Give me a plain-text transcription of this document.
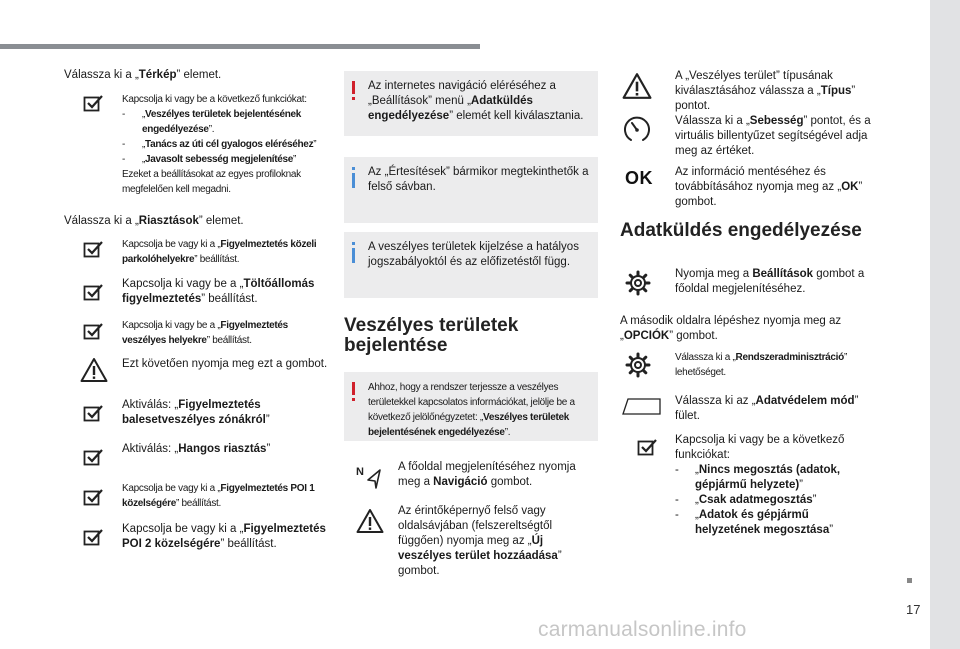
Válassza ki a „Térkép” elemet.
Kapcsolja ki vagy be a következő funkciókat:
- „Veszélyes területek bejelentésének engedélyezése”.
- „Tanács az úti cél gyalogos eléréséhez”
- „Javasolt sebesség megjelenítése”
Ezeket a beállításokat az egyes profiloknak megfelelően kell megadni.
Válassza ki a „Riasztások” elemet.
Kapcsolja be vagy ki a „Figyelmeztetés közeli parkolóhelyekre” beállítást.
Kapcsolja ki vagy be a „Töltőállomás figyelmeztetés” beállítást.
Kapcsolja ki vagy be a „Figyelmeztetés veszélyes helyekre” beállítást.
Ezt követően nyomja meg ezt a gombot.
Aktiválás: „Figyelmeztetés balesetveszélyes zónákról”
Aktiválás: „Hangos riasztás”
Kapcsolja be vagy ki a „Figyelmeztetés POI 1 közelségére” beállítást.
Kapcsolja be vagy ki a „Figyelmeztetés POI 2 közelségére” beállítást.
Az internetes navigáció eléréséhez a „Beállítások” menü „Adatküldés engedélyezése” elemét kell kiválasztania.
Az „Értesítések” bármikor megtekinthetők a felső sávban.
A veszélyes területek kijelzése a hatályos jogszabályoktól és az előfizetéstől függ.
Veszélyes területek bejelentése
Ahhoz, hogy a rendszer terjessze a veszélyes területekkel kapcsolatos információkat, jelölje be a következő jelölőnégyzetet: „Veszélyes területek bejelentésének engedélyezése”.
N	A főoldal megjelenítéséhez nyomja meg a Navigáció gombot.
Az érintőképernyő felső vagy oldalsávjában (felszereltségtől függően) nyomja meg az „Új veszélyes terület hozzáadása” gombot.
A „Veszélyes terület” típusának kiválasztásához válassza a „Típus” pontot.
Válassza ki a „Sebesség” pontot, és a virtuális billentyűzet segítségével adja meg az értéket.
OK Az információ mentéséhez és továbbításához nyomja meg az „OK” gombot.
Adatküldés engedélyezése
Nyomja meg a Beállítások gombot a főoldal megjelenítéséhez.
A második oldalra lépéshez nyomja meg az „OPCIÓK” gombot.
Válassza ki a „Rendszeradminisztráció” lehetőséget.
Válassza ki az „Adatvédelem mód” fület.
Kapcsolja ki vagy be a következő funkciókat:
- „Nincs megosztás (adatok, gépjármű helyzete)”
- „Csak adatmegosztás”
- „Adatok és gépjármű helyzetének megosztása”
17
carmanualsonline.info
